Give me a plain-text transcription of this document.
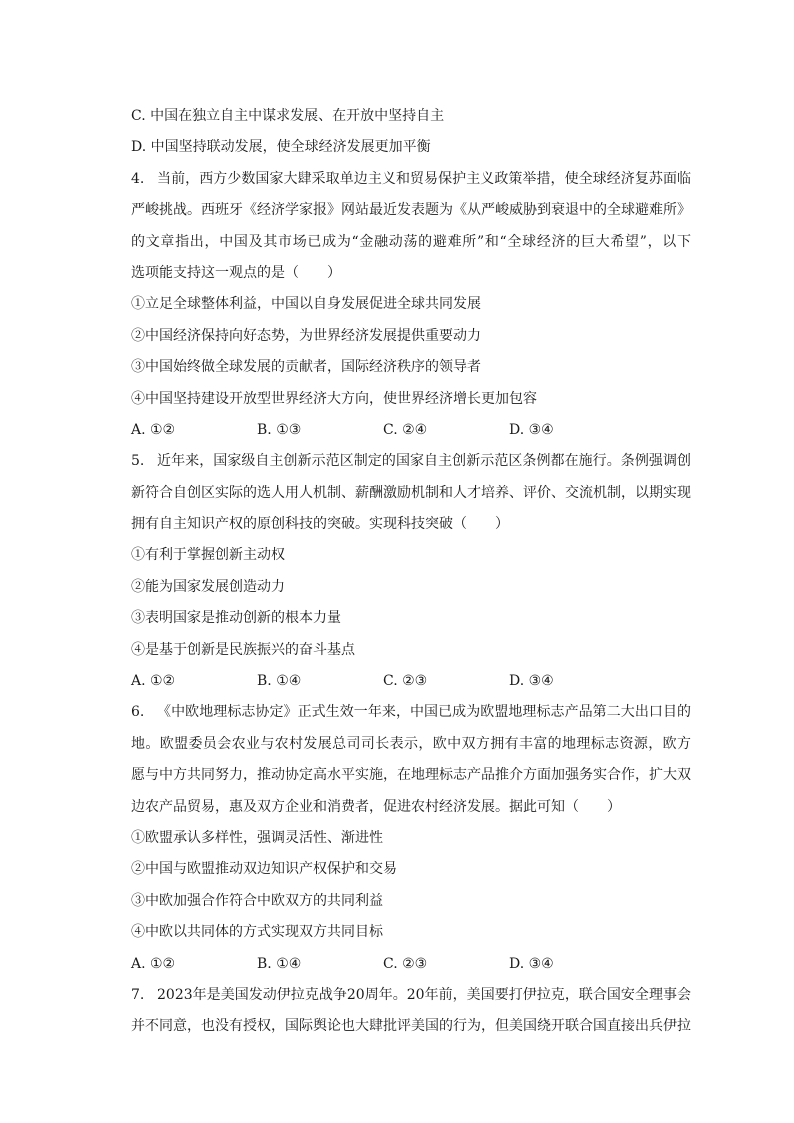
C. 中国在独立自主中谋求发展、在开放中坚持自主
D. 中国坚持联动发展，使全球经济发展更加平衡
4. 当前，西方少数国家大肆采取单边主义和贸易保护主义政策举措，使全球经济复苏面临
严峻挑战。西班牙《经济学家报》网站最近发表题为《从严峻威胁到衰退中的全球避难所》
的文章指出，中国及其市场已成为“金融动荡的避难所”和“全球经济的巨大希望”，以下
选项能支持这一观点的是（　　）
①立足全球整体利益，中国以自身发展促进全球共同发展
②中国经济保持向好态势，为世界经济发展提供重要动力
③中国始终做全球发展的贡献者，国际经济秩序的领导者
④中国坚持建设开放型世界经济大方向，使世界经济增长更加包容
A. ①②	B. ①③	C. ②④	D. ③④
5. 近年来，国家级自主创新示范区制定的国家自主创新示范区条例都在施行。条例强调创
新符合自创区实际的选人用人机制、薪酬激励机制和人才培养、评价、交流机制，以期实现
拥有自主知识产权的原创科技的突破。实现科技突破（　　）
①有利于掌握创新主动权
②能为国家发展创造动力
③表明国家是推动创新的根本力量
④是基于创新是民族振兴的奋斗基点
A. ①②	B. ①④	C. ②③	D. ③④
6. 《中欧地理标志协定》正式生效一年来，中国已成为欧盟地理标志产品第二大出口目的
地。欧盟委员会农业与农村发展总司司长表示，欧中双方拥有丰富的地理标志资源，欧方
愿与中方共同努力，推动协定高水平实施，在地理标志产品推介方面加强务实合作，扩大双
边农产品贸易，惠及双方企业和消费者，促进农村经济发展。据此可知（　　）
①欧盟承认多样性，强调灵活性、渐进性
②中国与欧盟推动双边知识产权保护和交易
③中欧加强合作符合中欧双方的共同利益
④中欧以共同体的方式实现双方共同目标
A. ①②	B. ①④	C. ②③	D. ③④
7. 2023年是美国发动伊拉克战争20周年。20年前，美国要打伊拉克，联合国安全理事会
并不同意，也没有授权，国际舆论也大肆批评美国的行为，但美国绕开联合国直接出兵伊拉
